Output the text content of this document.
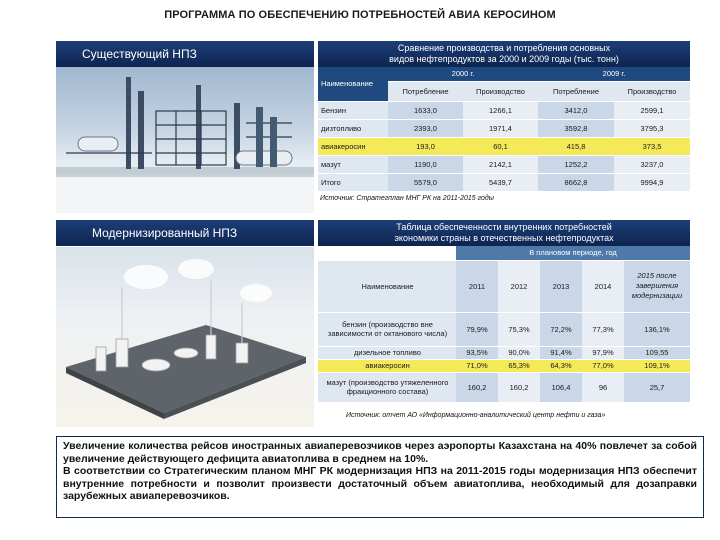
ПРОГРАММА ПО ОБЕСПЕЧЕНИЮ ПОТРЕБНОСТЕЙ АВИА КЕРОСИНОМ
Существующий НПЗ	Сравнение производства и потребления основных
видов нефтепродуктов за 2000 и 2009 годы (тыс. тонн)
Наименование	2000 г.		2009 г.	
	Потребление	Производство	Потребление	Производство
Бензин	1633,0	1266,1	3412,0	2599,1
дизтопливо	2393,0	1971,4	3592,8	3795,3
авиакеросин	193,0	60,1	415,8	373,5
мазут	1190,0	2142,1	1252,2	3237,0
Итого	5579,0	5439,7	8662,8	9994,9
Источник: Стратегплан МНГ РК на 2011-2015 годы
Модернизированный НПЗ	Таблица обеспеченности внутренних потребностей
экономики страны в отечественных нефтепродуктах
	В плановом периоде, год				
Наименование	2011	2012	2013	2014	2015 после завершения модернизации
бензин (производство вне зависимости от октанового числа)	79,9%	75,3%	72,2%	77,3%	136,1%
дизельное топливо	93,5%	90,0%	91,4%	97,9%	109,55
авиакеросин	71,0%	65,3%	64,3%	77,0%	109,1%
мазут (производство утяжеленного фракционного состава)	160,2	160,2	106,4	96	25,7
Источник: отчет АО «Информационно-аналитический центр нефти и газа»

Увеличение количества рейсов иностранных авиаперевозчиков через аэропорты Казахстана на 40% повлечет за собой увеличение действующего дефицита авиатоплива в среднем на 10%.

В соответствии со Стратегическим планом МНГ РК модернизация НПЗ на 2011-2015 годы модернизация НПЗ обеспечит внутренние потребности и позволит произвести достаточный объем авиатоплива, необходимый для дозаправки зарубежных авиаперевозчиков.
